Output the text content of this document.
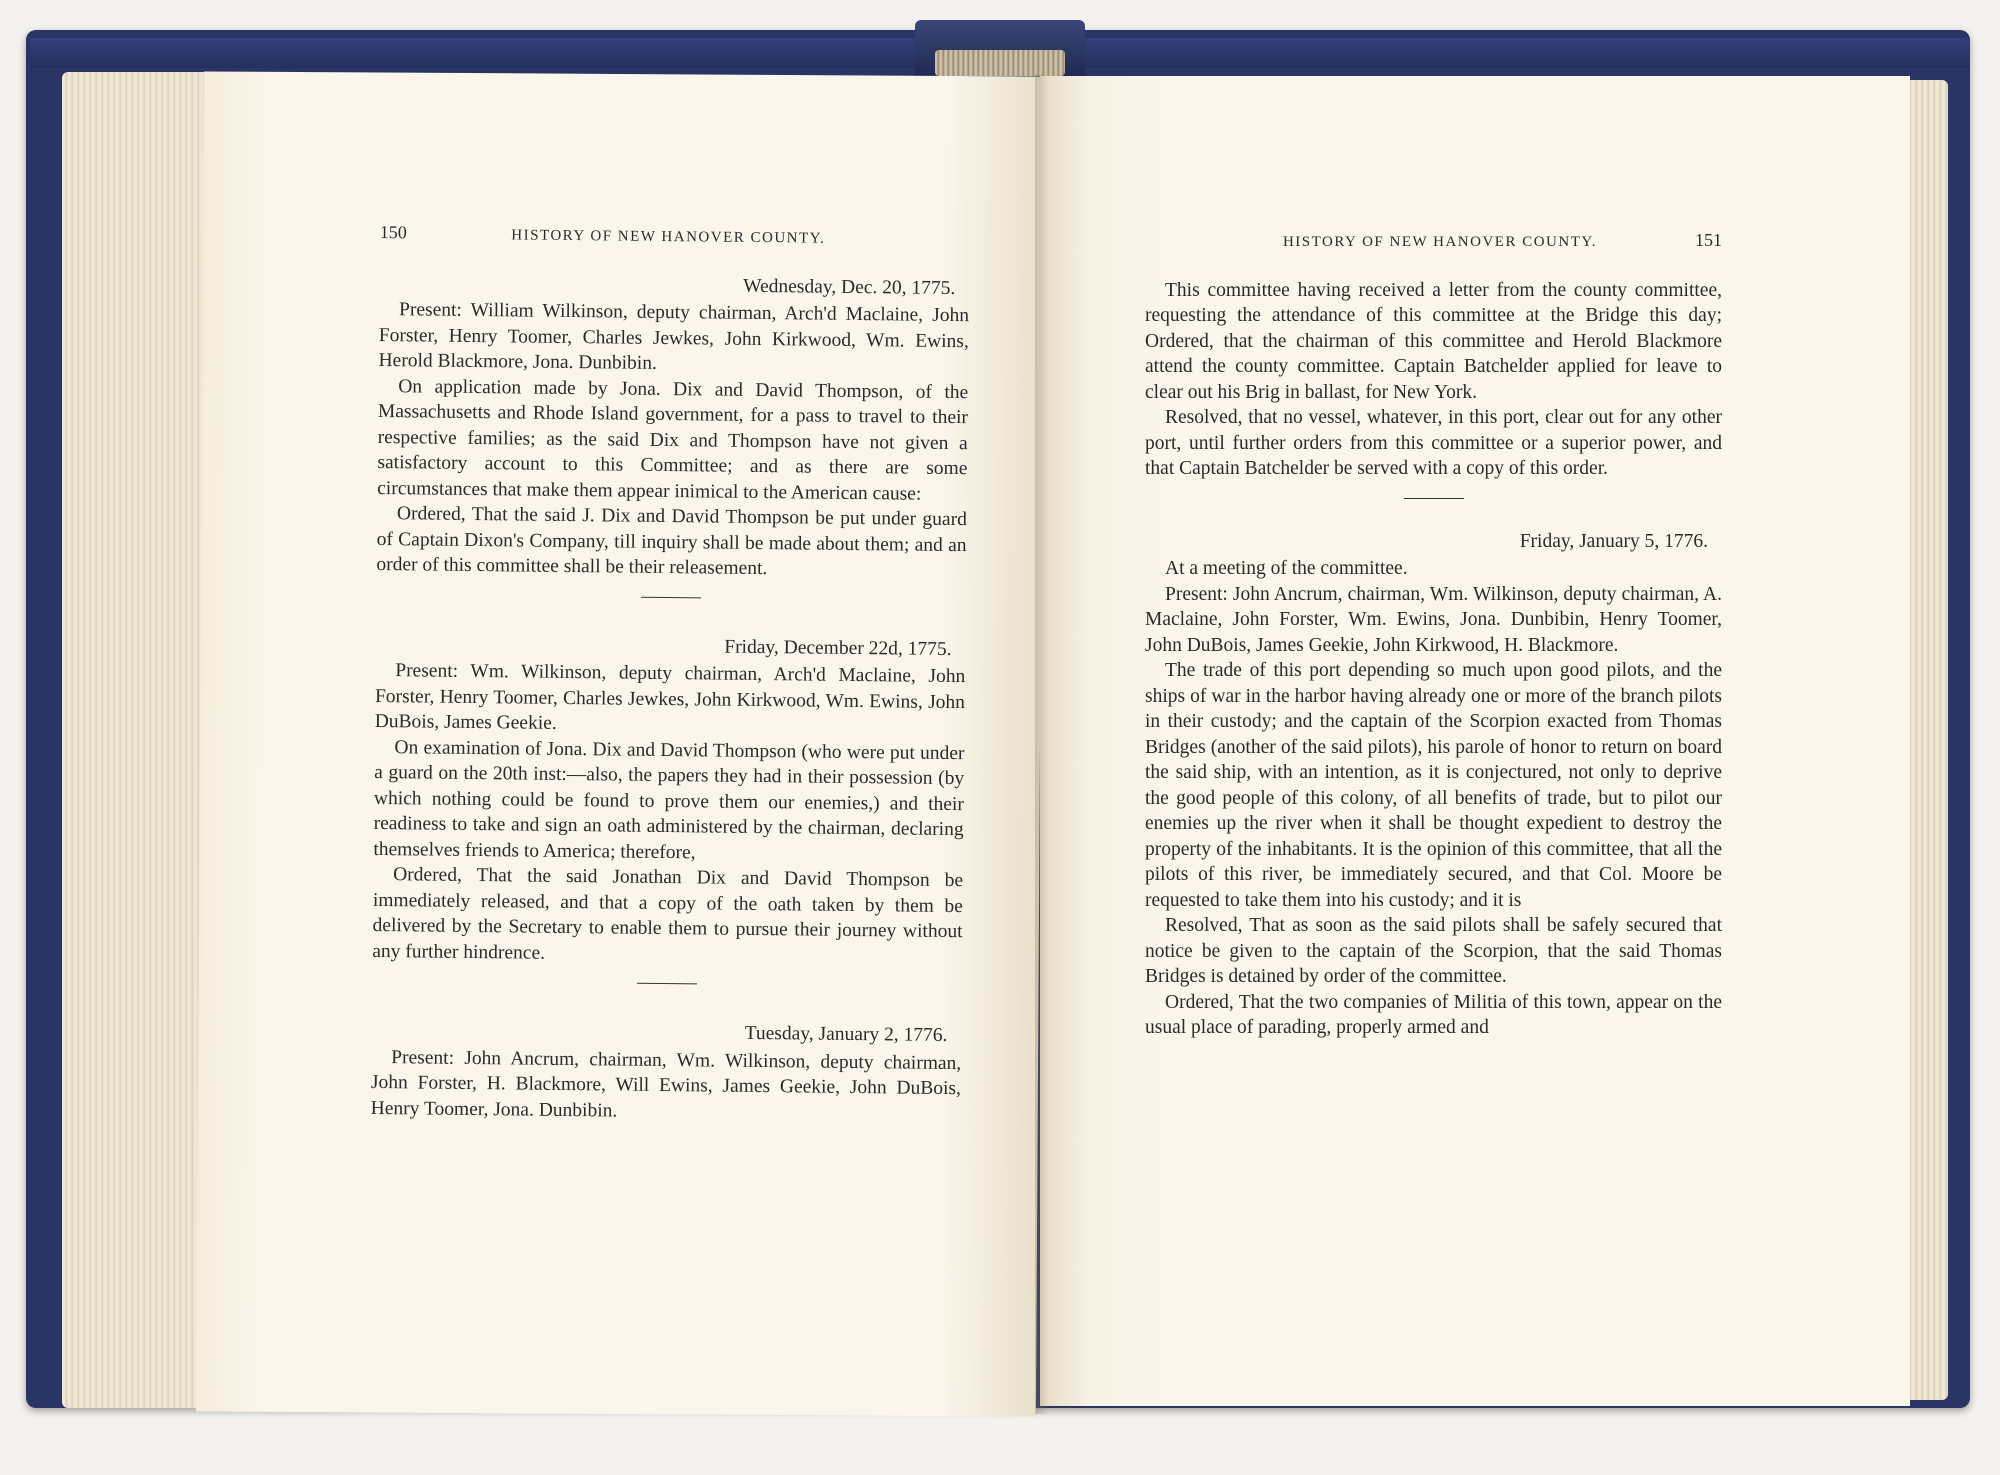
150	HISTORY OF NEW HANOVER COUNTY.
Wednesday, Dec. 20, 1775.

Present: William Wilkinson, deputy chairman, Arch'd Maclaine, John Forster, Henry Toomer, Charles Jewkes, John Kirkwood, Wm. Ewins, Herold Blackmore, Jona. Dunbibin.

On application made by Jona. Dix and David Thompson, of the Massachusetts and Rhode Island government, for a pass to travel to their respective families; as the said Dix and Thompson have not given a satisfactory account to this Committee; and as there are some circumstances that make them appear inimical to the American cause:

Ordered, That the said J. Dix and David Thompson be put under guard of Captain Dixon's Company, till inquiry shall be made about them; and an order of this committee shall be their releasement.

Friday, December 22d, 1775.

Present: Wm. Wilkinson, deputy chairman, Arch'd Maclaine, John Forster, Henry Toomer, Charles Jewkes, John Kirkwood, Wm. Ewins, John DuBois, James Geekie.

On examination of Jona. Dix and David Thompson (who were put under a guard on the 20th inst:—also, the papers they had in their possession (by which nothing could be found to prove them our enemies,) and their readiness to take and sign an oath administered by the chairman, declaring themselves friends to America; therefore,

Ordered, That the said Jonathan Dix and David Thompson be immediately released, and that a copy of the oath taken by them be delivered by the Secretary to enable them to pursue their journey without any further hindrence.

Tuesday, January 2, 1776.

Present: John Ancrum, chairman, Wm. Wilkinson, deputy chairman, John Forster, H. Blackmore, Will Ewins, James Geekie, John DuBois, Henry Toomer, Jona. Dunbibin.

HISTORY OF NEW HANOVER COUNTY.	151

This committee having received a letter from the county committee, requesting the attendance of this committee at the Bridge this day; Ordered, that the chairman of this committee and Herold Blackmore attend the county committee. Captain Batchelder applied for leave to clear out his Brig in ballast, for New York.

Resolved, that no vessel, whatever, in this port, clear out for any other port, until further orders from this committee or a superior power, and that Captain Batchelder be served with a copy of this order.

Friday, January 5, 1776.

At a meeting of the committee.

Present: John Ancrum, chairman, Wm. Wilkinson, deputy chairman, A. Maclaine, John Forster, Wm. Ewins, Jona. Dunbibin, Henry Toomer, John DuBois, James Geekie, John Kirkwood, H. Blackmore.

The trade of this port depending so much upon good pilots, and the ships of war in the harbor having already one or more of the branch pilots in their custody; and the captain of the Scorpion exacted from Thomas Bridges (another of the said pilots), his parole of honor to return on board the said ship, with an intention, as it is conjectured, not only to deprive the good people of this colony, of all benefits of trade, but to pilot our enemies up the river when it shall be thought expedient to destroy the property of the inhabitants. It is the opinion of this committee, that all the pilots of this river, be immediately secured, and that Col. Moore be requested to take them into his custody; and it is

Resolved, That as soon as the said pilots shall be safely secured that notice be given to the captain of the Scorpion, that the said Thomas Bridges is detained by order of the committee.

Ordered, That the two companies of Militia of this town, appear on the usual place of parading, properly armed and
